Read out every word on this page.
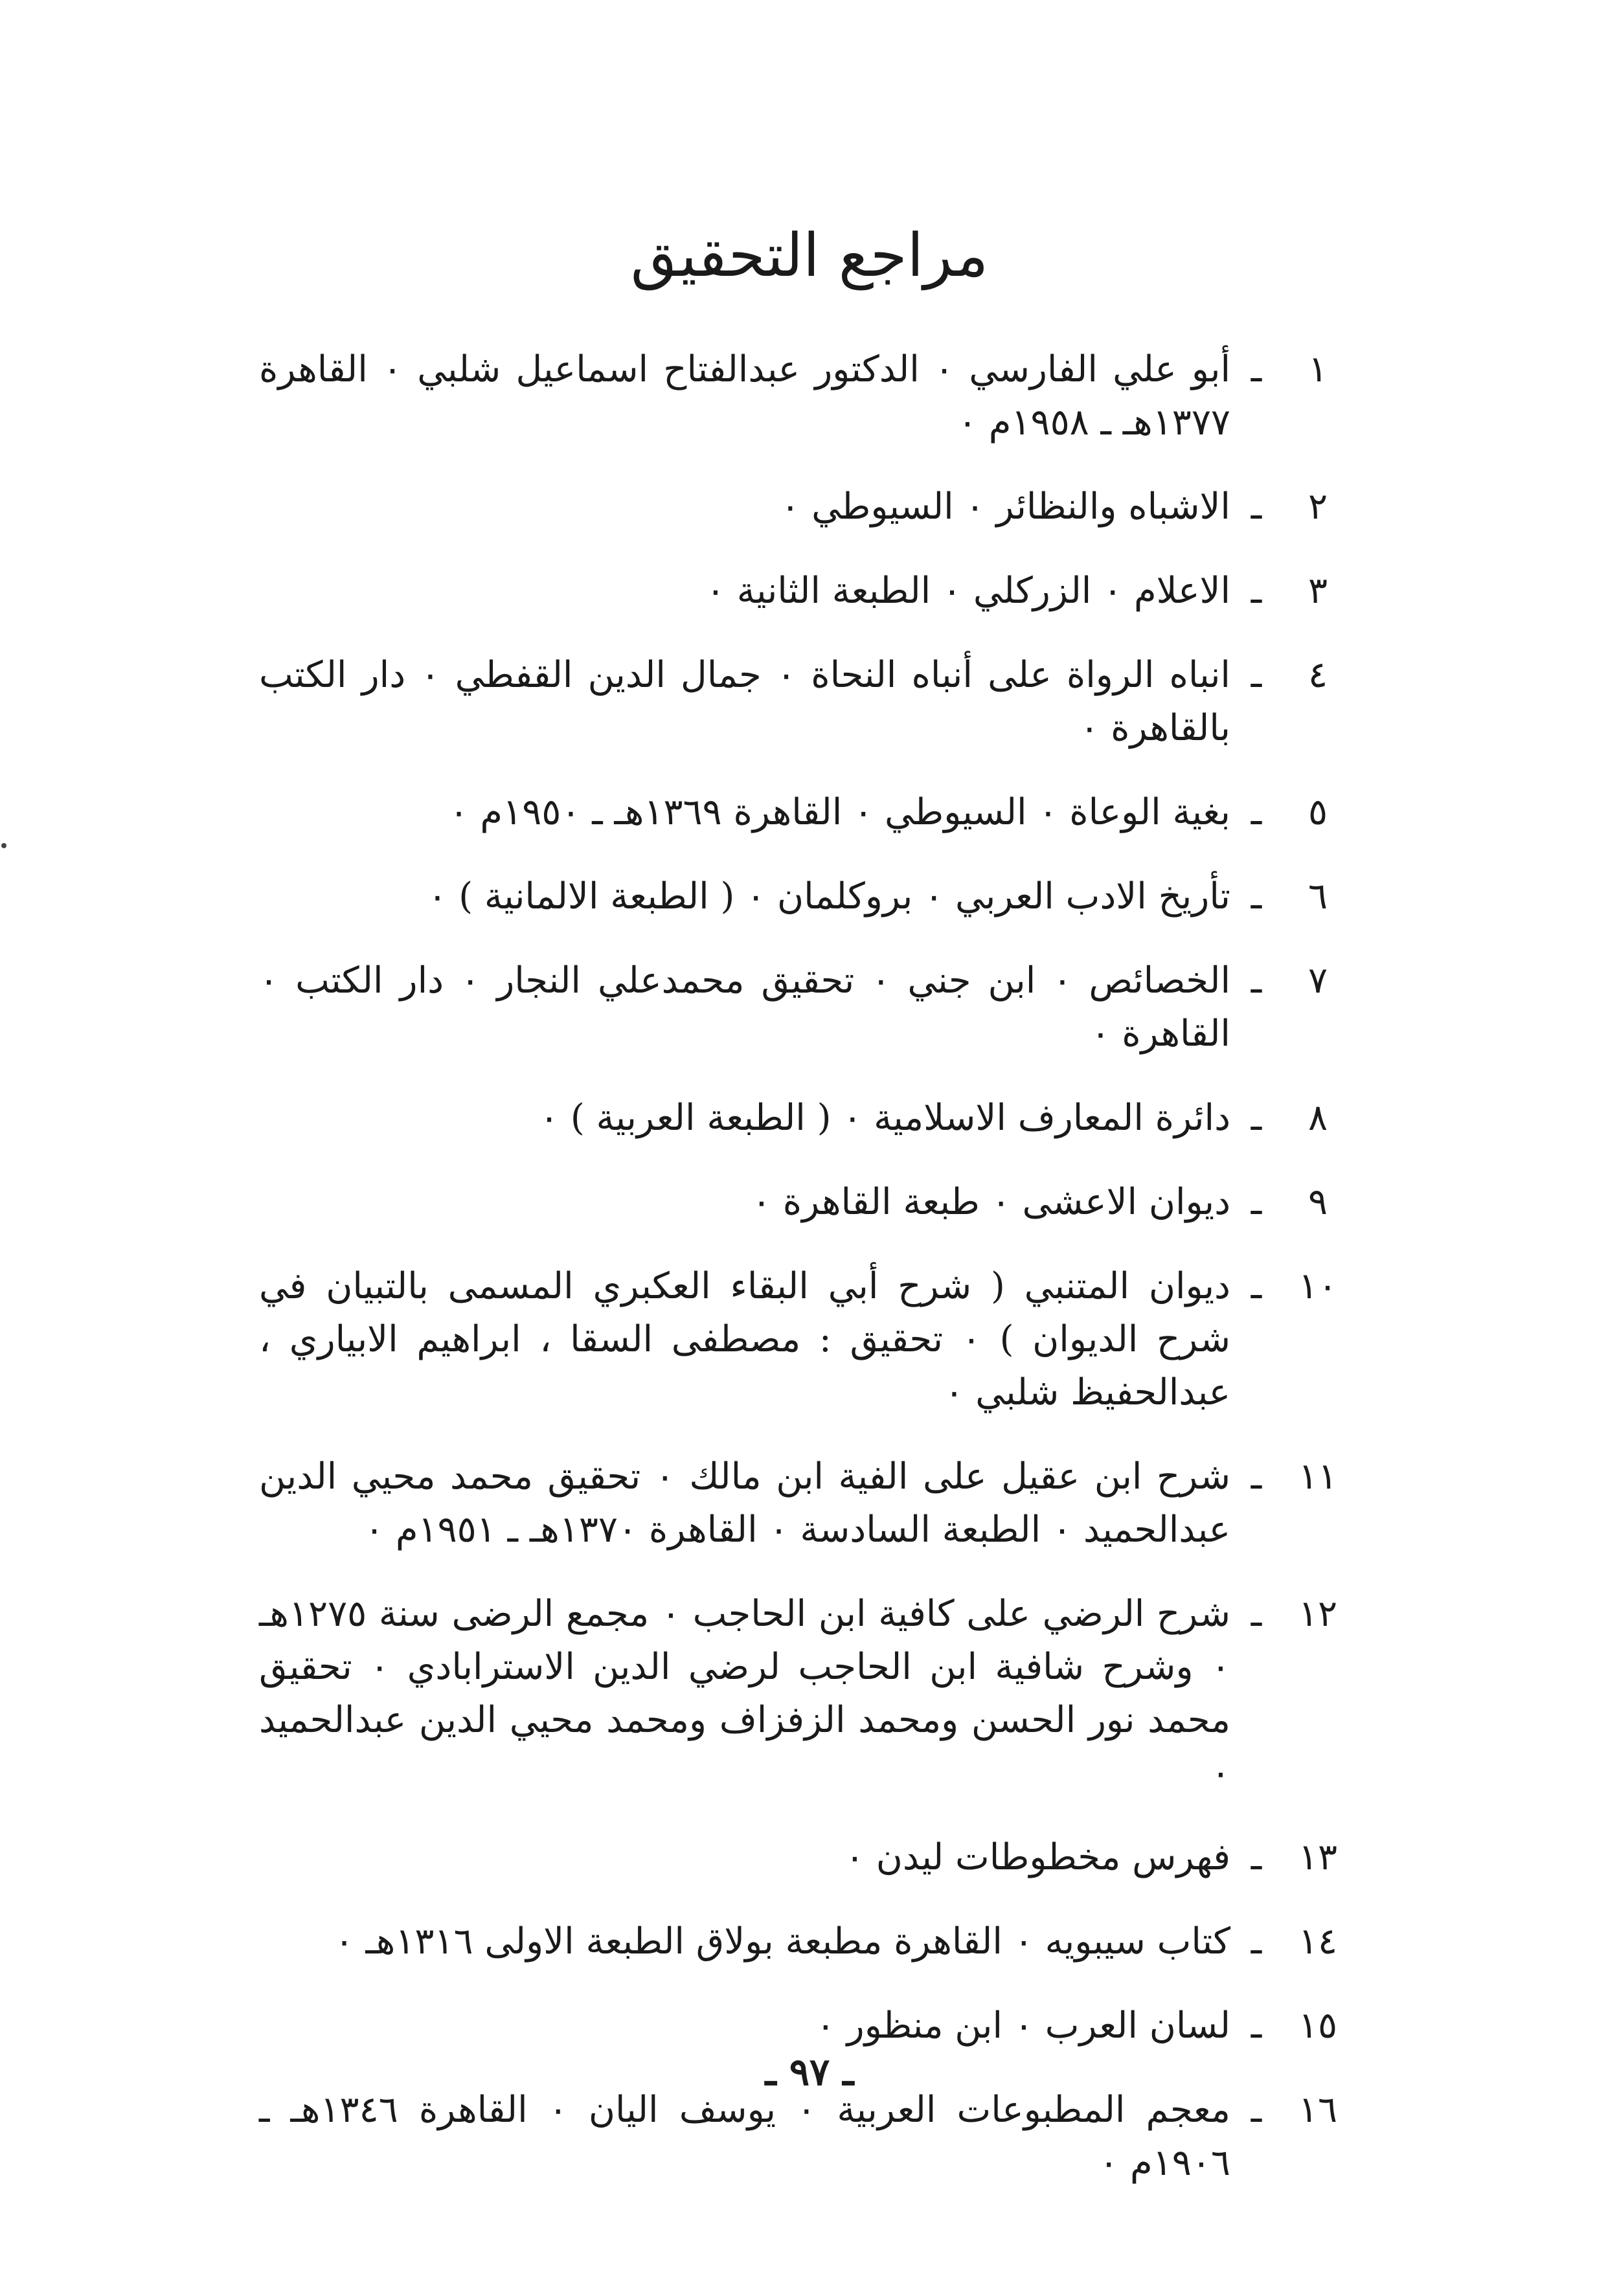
مراجع التحقيق
١
ـ
أبو علي الفارسي ٠ الدكتور عبدالفتاح اسماعيل شلبي ٠ القاهرة ١٣٧٧هـ ـ ١٩٥٨م ٠
٢
ـ
الاشباه والنظائر ٠ السيوطي ٠
٣
ـ
الاعلام ٠ الزركلي ٠ الطبعة الثانية ٠
٤
ـ
انباه الرواة على أنباه النحاة ٠ جمال الدين القفطي ٠ دار الكتب بالقاهرة ٠
٥
ـ
بغية الوعاة ٠ السيوطي ٠ القاهرة ١٣٦٩هـ ـ ١٩٥٠م ٠
٦
ـ
تأريخ الادب العربي ٠ بروكلمان ٠ ( الطبعة الالمانية ) ٠
٧
ـ
الخصائص ٠ ابن جني ٠ تحقيق محمدعلي النجار ٠ دار الكتب ٠ القاهرة ٠
٨
ـ
دائرة المعارف الاسلامية ٠ ( الطبعة العربية ) ٠
٩
ـ
ديوان الاعشى ٠ طبعة القاهرة ٠
١٠
ـ
ديوان المتنبي ( شرح أبي البقاء العكبري المسمى بالتبيان في شرح الديوان ) ٠ تحقيق : مصطفى السقا ، ابراهيم الابياري ، عبدالحفيظ شلبي ٠
١١
ـ
شرح ابن عقيل على الفية ابن مالك ٠ تحقيق محمد محيي الدين عبدالحميد ٠ الطبعة السادسة ٠ القاهرة ١٣٧٠هـ ـ ١٩٥١م ٠
١٢
ـ
شرح الرضي على كافية ابن الحاجب ٠ مجمع الرضى سنة ١٢٧٥هـ ٠ وشرح شافية ابن الحاجب لرضي الدين الاسترابادي ٠ تحقيق محمد نور الحسن ومحمد الزفزاف ومحمد محيي الدين عبدالحميد ٠
١٣
ـ
فهرس مخطوطات ليدن ٠
١٤
ـ
كتاب سيبويه ٠ القاهرة مطبعة بولاق الطبعة الاولى ١٣١٦هـ ٠
١٥
ـ
لسان العرب ٠ ابن منظور ٠
١٦
ـ
معجم المطبوعات العربية ٠ يوسف اليان ٠ القاهرة ١٣٤٦هـ ـ ١٩٠٦م ٠
ـ ٩٧ ـ
